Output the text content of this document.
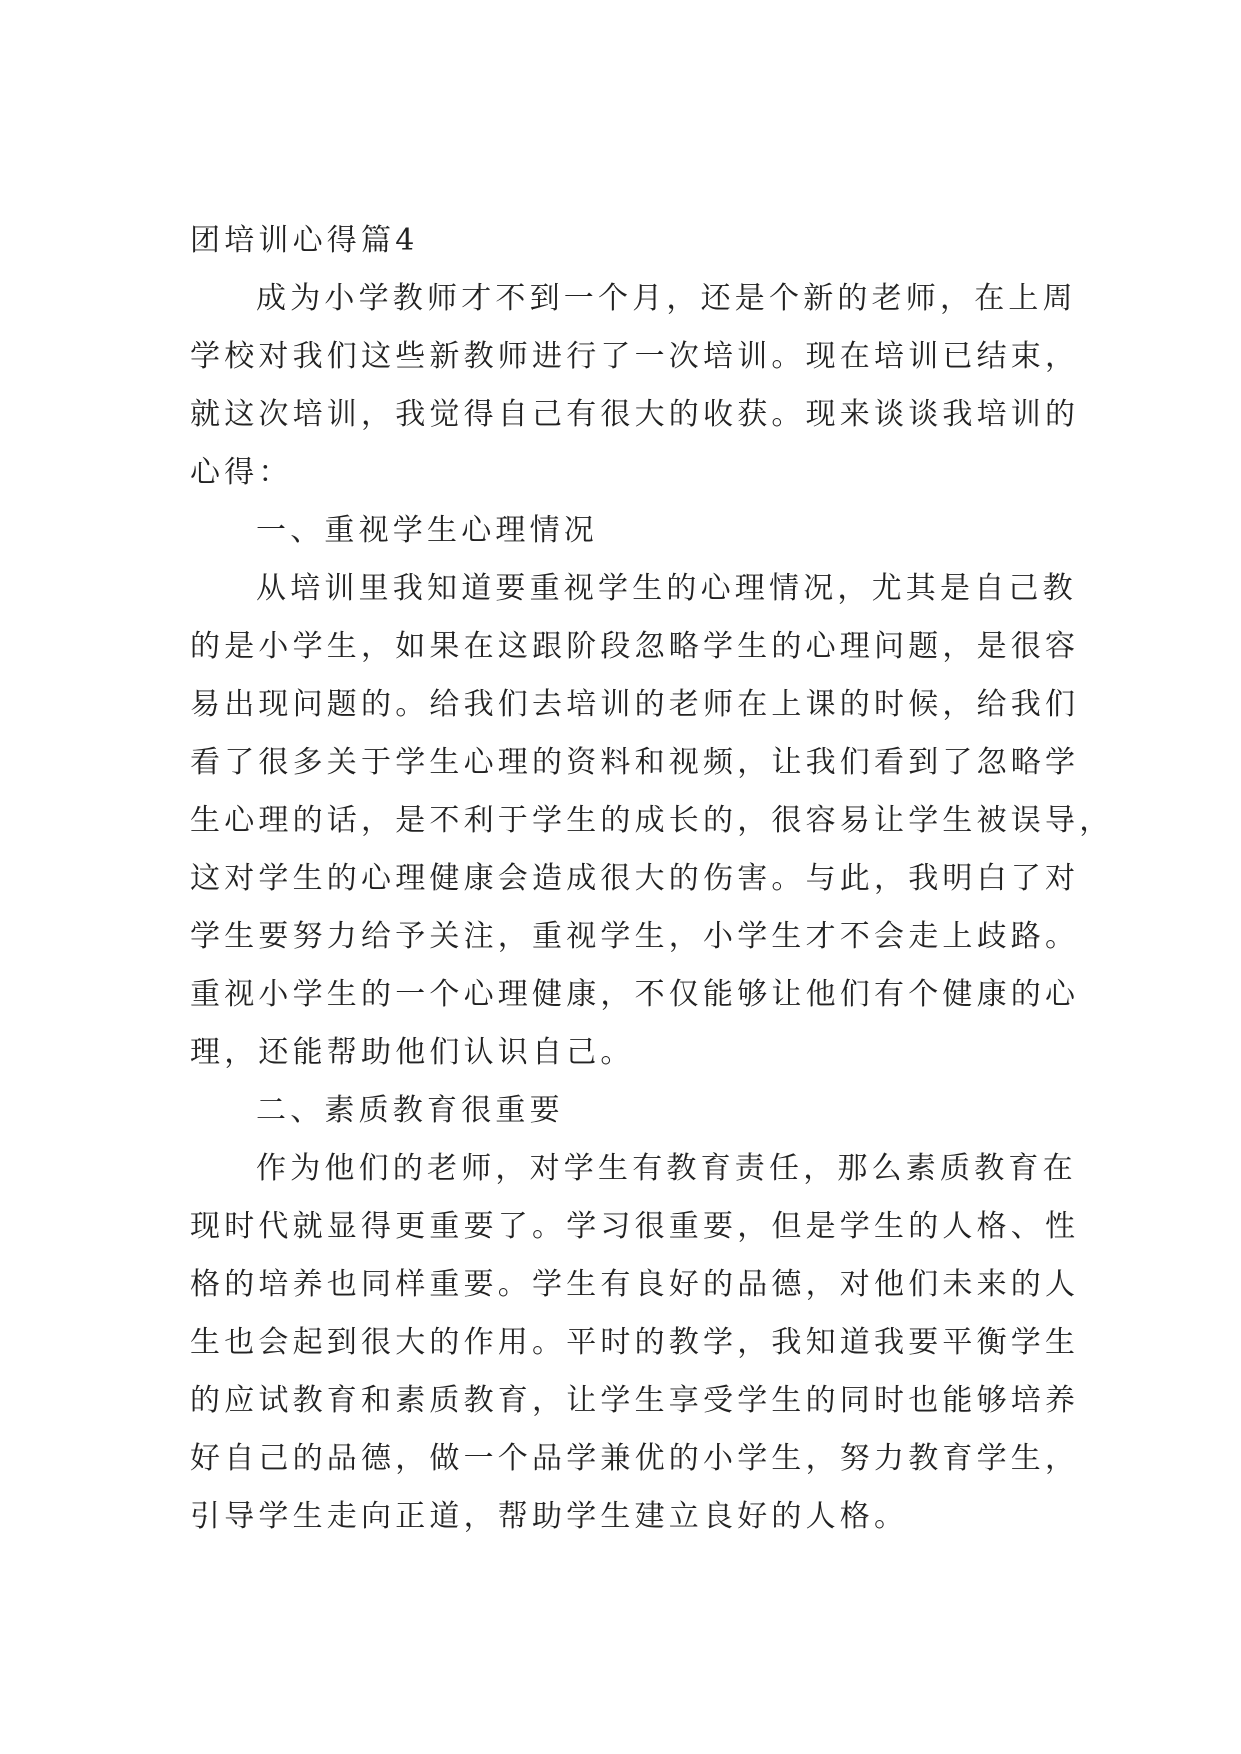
团培训心得篇4
成为小学教师才不到一个月，还是个新的老师，在上周
学校对我们这些新教师进行了一次培训。现在培训已结束，
就这次培训，我觉得自己有很大的收获。现来谈谈我培训的
心得：
一、重视学生心理情况
从培训里我知道要重视学生的心理情况，尤其是自己教
的是小学生，如果在这跟阶段忽略学生的心理问题，是很容
易出现问题的。给我们去培训的老师在上课的时候，给我们
看了很多关于学生心理的资料和视频，让我们看到了忽略学
生心理的话，是不利于学生的成长的，很容易让学生被误导，
这对学生的心理健康会造成很大的伤害。与此，我明白了对
学生要努力给予关注，重视学生，小学生才不会走上歧路。
重视小学生的一个心理健康，不仅能够让他们有个健康的心
理，还能帮助他们认识自己。
二、素质教育很重要
作为他们的老师，对学生有教育责任，那么素质教育在
现时代就显得更重要了。学习很重要，但是学生的人格、性
格的培养也同样重要。学生有良好的品德，对他们未来的人
生也会起到很大的作用。平时的教学，我知道我要平衡学生
的应试教育和素质教育，让学生享受学生的同时也能够培养
好自己的品德，做一个品学兼优的小学生，努力教育学生，
引导学生走向正道，帮助学生建立良好的人格。
